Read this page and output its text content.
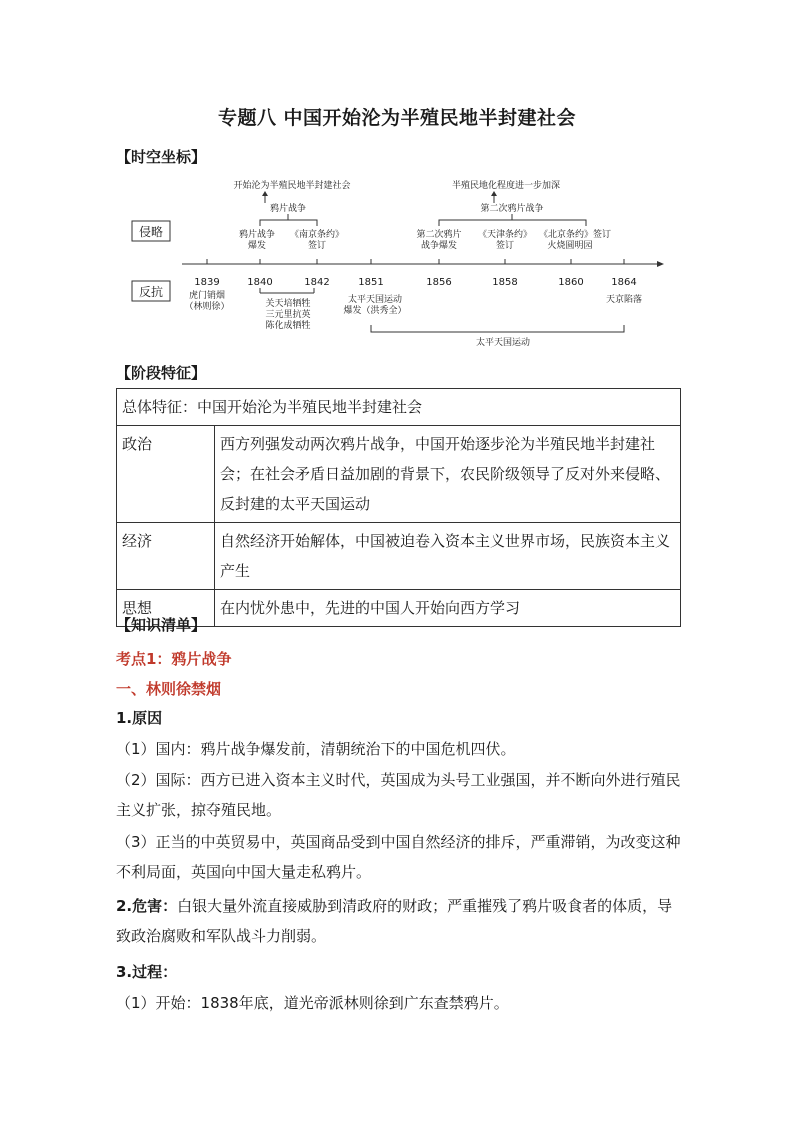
专题八 中国开始沦为半殖民地半封建社会
【时空坐标】
侵略
反抗
1839	1840	1842	1851	1856	1858	1860	1864
鸦片战争
爆发
《南京条约》
签订
第二次鸦片
战争爆发
《天津条约》
签订
《北京条约》签订
火烧圆明园
鸦片战争
开始沦为半殖民地半封建社会
第二次鸦片战争
半殖民地化程度进一步加深
虎门销烟
（林则徐）	关天培牺牲
三元里抗英
陈化成牺牲
太平天国运动
爆发（洪秀全）
天京陷落
太平天国运动
【阶段特征】
总体特征：中国开始沦为半殖民地半封建社会	
政治	西方列强发动两次鸦片战争，中国开始逐步沦为半殖民地半封建社会；在社会矛盾日益加剧的背景下，农民阶级领导了反对外来侵略、反封建的太平天国运动
经济	自然经济开始解体，中国被迫卷入资本主义世界市场，民族资本主义产生
思想	在内忧外患中，先进的中国人开始向西方学习
【知识清单】
考点1：鸦片战争
一、林则徐禁烟
1.原因
（1）国内：鸦片战争爆发前，清朝统治下的中国危机四伏。
（2）国际：西方已进入资本主义时代，英国成为头号工业强国，并不断向外进行殖民主义扩张，掠夺殖民地。
（3）正当的中英贸易中，英国商品受到中国自然经济的排斥，严重滞销，为改变这种不利局面，英国向中国大量走私鸦片。
2.危害：白银大量外流直接威胁到清政府的财政；严重摧残了鸦片吸食者的体质，导致政治腐败和军队战斗力削弱。
3.过程：
（1）开始：1838年底，道光帝派林则徐到广东查禁鸦片。
